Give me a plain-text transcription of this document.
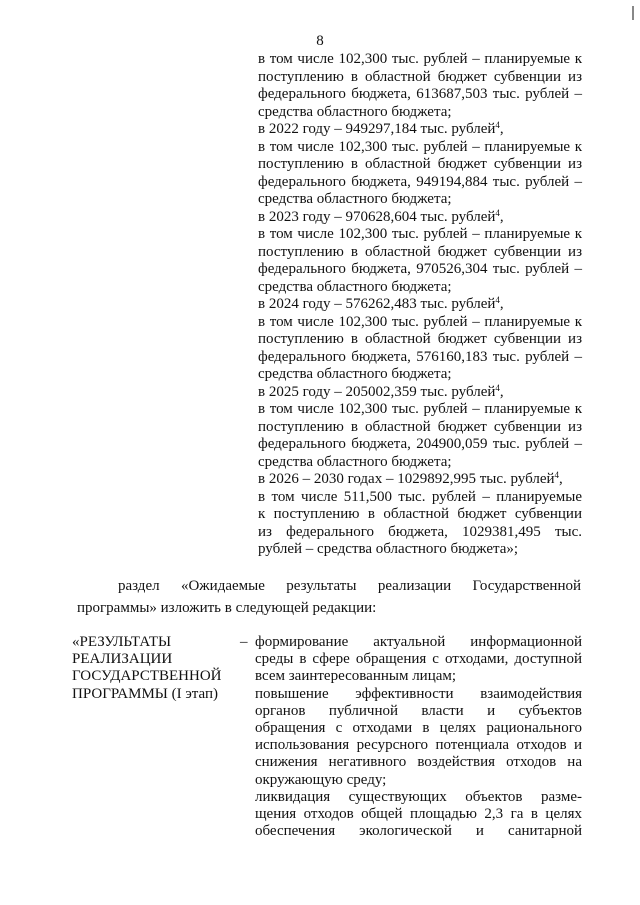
8

в том числе 102,300 тыс. рублей – планируемые к

поступлению в областной бюджет субвенции из

федерального бюджета, 613687,503 тыс. рублей –

средства областного бюджета;

в 2022 году – 949297,184 тыс. рублей$^4$,

в том числе 102,300 тыс. рублей – планируемые к

поступлению в областной бюджет субвенции из

федерального бюджета, 949194,884 тыс. рублей –

средства областного бюджета;

в 2023 году – 970628,604 тыс. рублей$^4$,

в том числе 102,300 тыс. рублей – планируемые к

поступлению в областной бюджет субвенции из

федерального бюджета, 970526,304 тыс. рублей –

средства областного бюджета;

в 2024 году – 576262,483 тыс. рублей$^4$,

в том числе 102,300 тыс. рублей – планируемые к

поступлению в областной бюджет субвенции из

федерального бюджета, 576160,183 тыс. рублей –

средства областного бюджета;

в 2025 году – 205002,359 тыс. рублей$^4$,

в том числе 102,300 тыс. рублей – планируемые к

поступлению в областной бюджет субвенции из

федерального бюджета, 204900,059 тыс. рублей –

средства областного бюджета;

в 2026 – 2030 годах – 1029892,995 тыс. рублей$^4$,

в том числе 511,500 тыс. рублей – планируемые

к поступлению в областной бюджет субвенции

из федерального бюджета, 1029381,495 тыс.

рублей – средства областного бюджета»;

раздел «Ожидаемые результаты реализации Государственной
программы» изложить в следующей редакции:
«РЕЗУЛЬТАТЫ
РЕАЛИЗАЦИИ
ГОСУДАРСТВЕННОЙ
ПРОГРАММЫ (I этап)
– формирование актуальной информационной

среды в сфере обращения с отходами, доступной

всем заинтересованным лицам;

повышение эффективности взаимодействия

органов публичной власти и субъектов

обращения с отходами в целях рационального

использования ресурсного потенциала отходов и

снижения негативного воздействия отходов на

окружающую среду;

ликвидация существующих объектов разме-

щения отходов общей площадью 2,3 га в целях

обеспечения экологической и санитарной
